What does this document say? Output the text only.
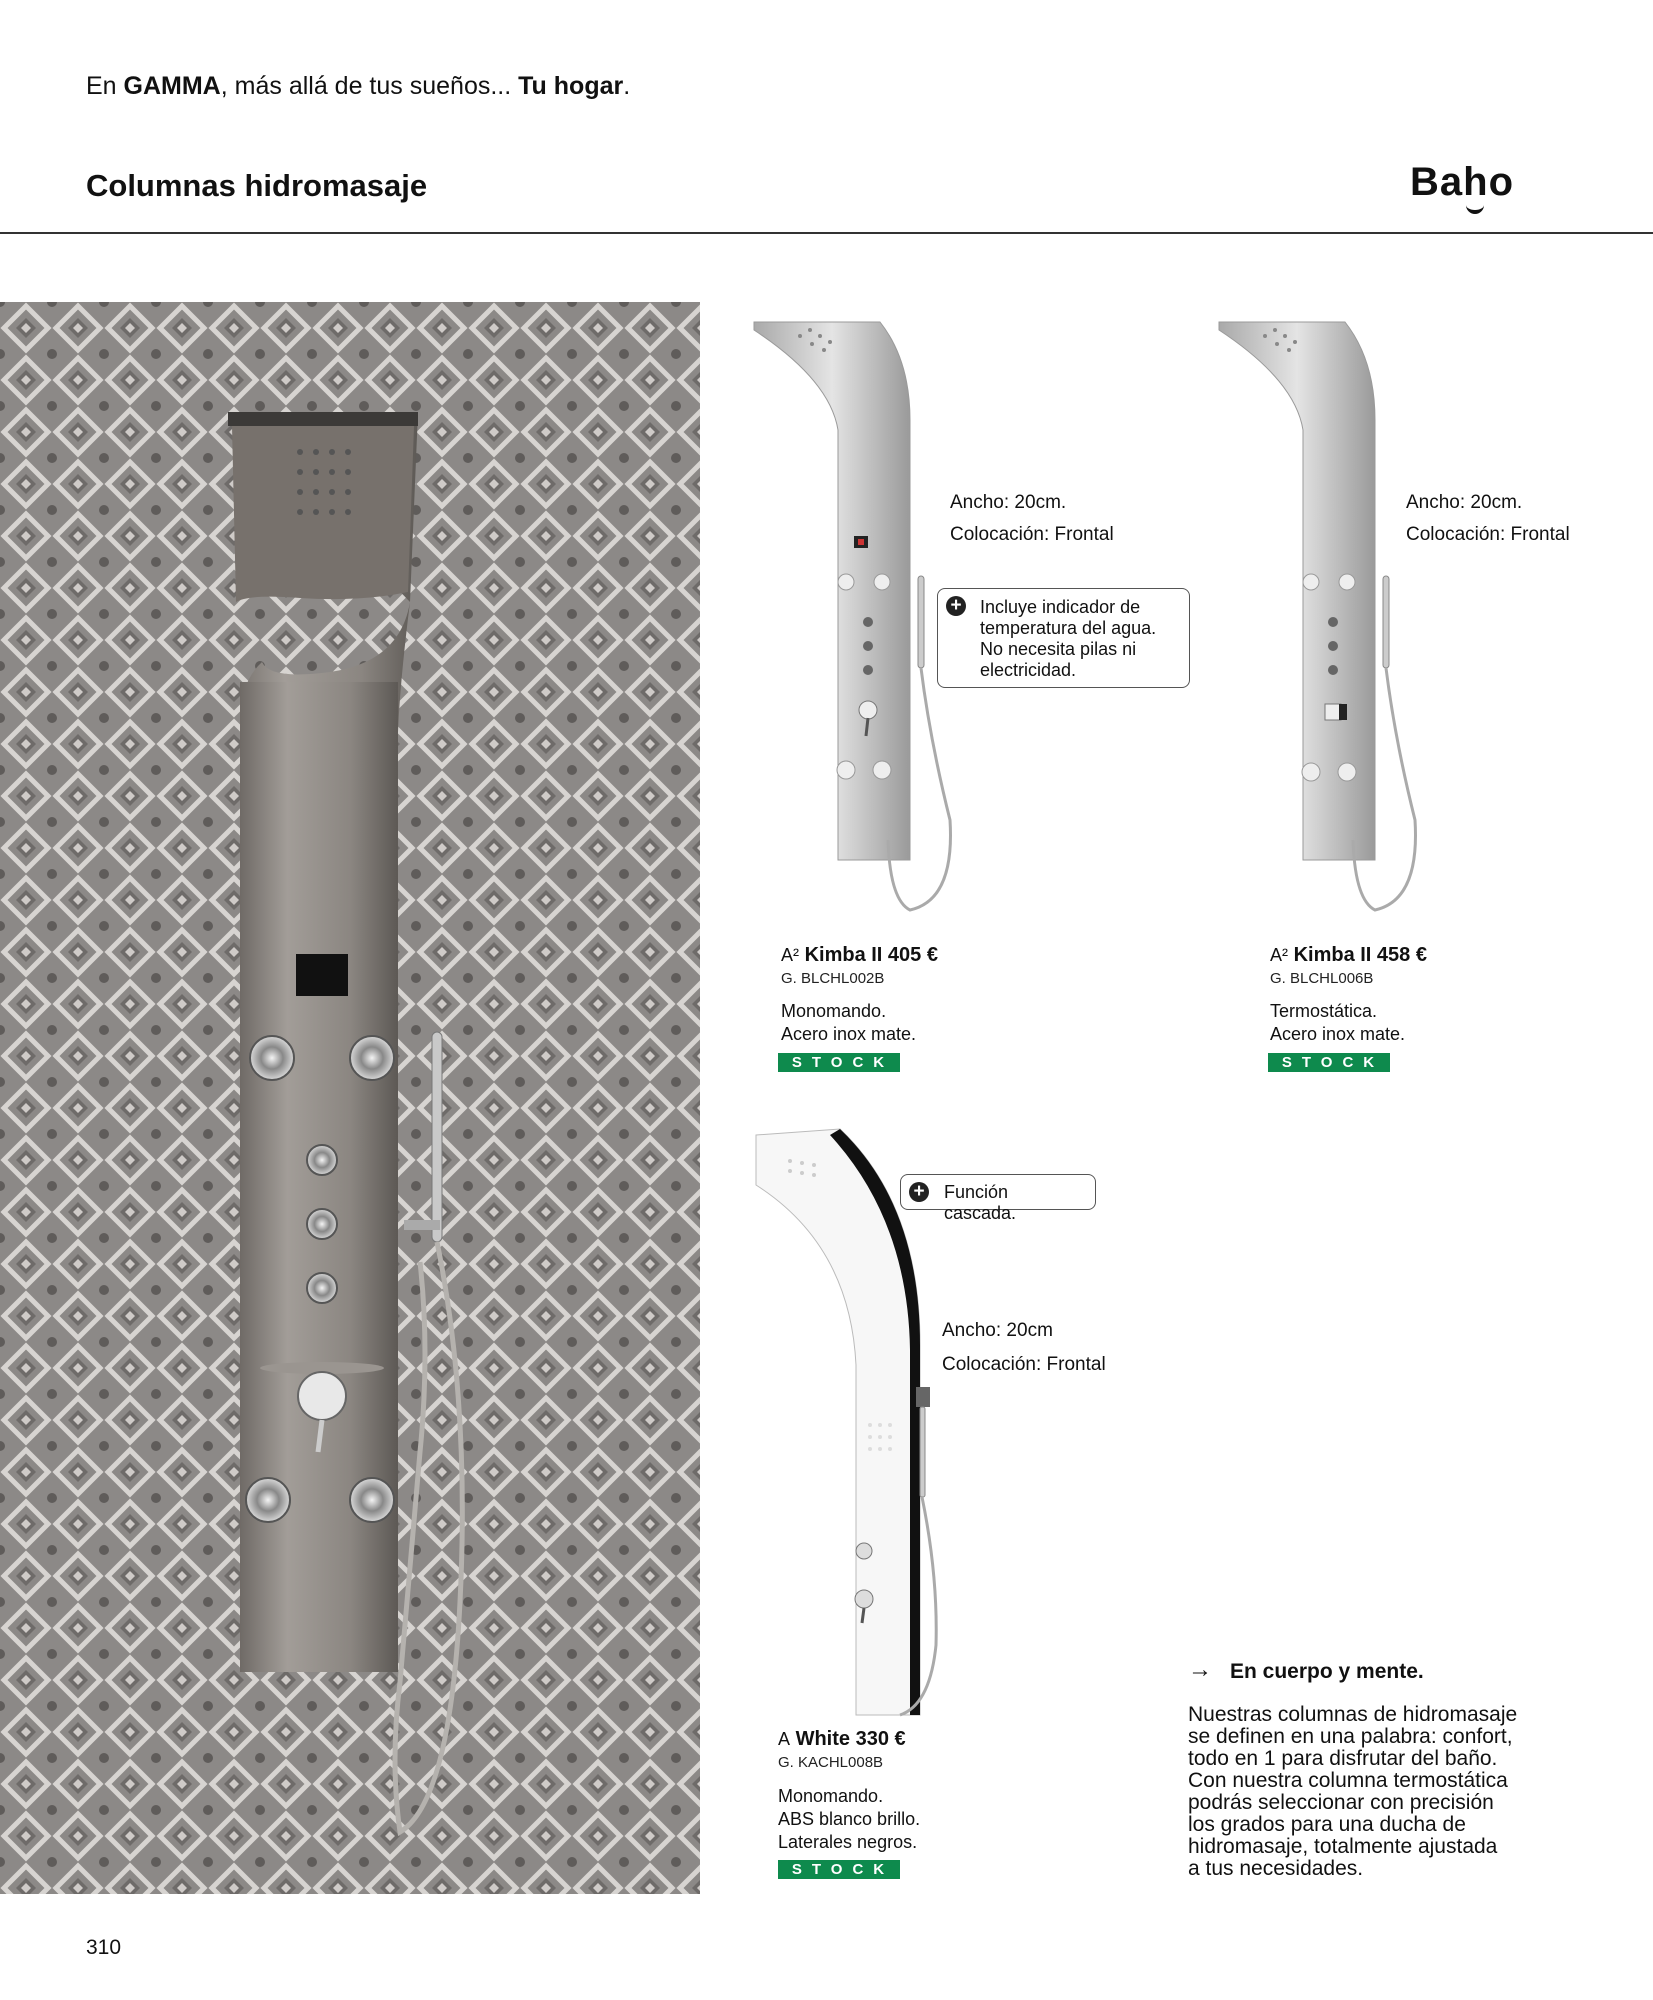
En GAMMA, más allá de tus sueños... Tu hogar.
Columnas hidromasaje	Baho
Ancho: 20cm.
Colocación: Frontal
+ Incluye indicador de
temperatura del agua.
No necesita pilas ni
electricidad.
A² Kimba II 405 €
G. BLCHL002B
Monomando.
Acero inox mate.
STOCK
Ancho: 20cm.
Colocación: Frontal
A² Kimba II 458 €
G. BLCHL006B
Termostática.
Acero inox mate.
STOCK
+ Función cascada.
Ancho: 20cm
Colocación: Frontal
A White 330 €
G. KACHL008B
Monomando.
ABS blanco brillo.
Laterales negros.
STOCK
→ En cuerpo y mente.
Nuestras columnas de hidromasaje
se definen en una palabra: confort,
todo en 1 para disfrutar del baño.
Con nuestra columna termostática
podrás seleccionar con precisión
los grados para una ducha de
hidromasaje, totalmente ajustada
a tus necesidades.
310
